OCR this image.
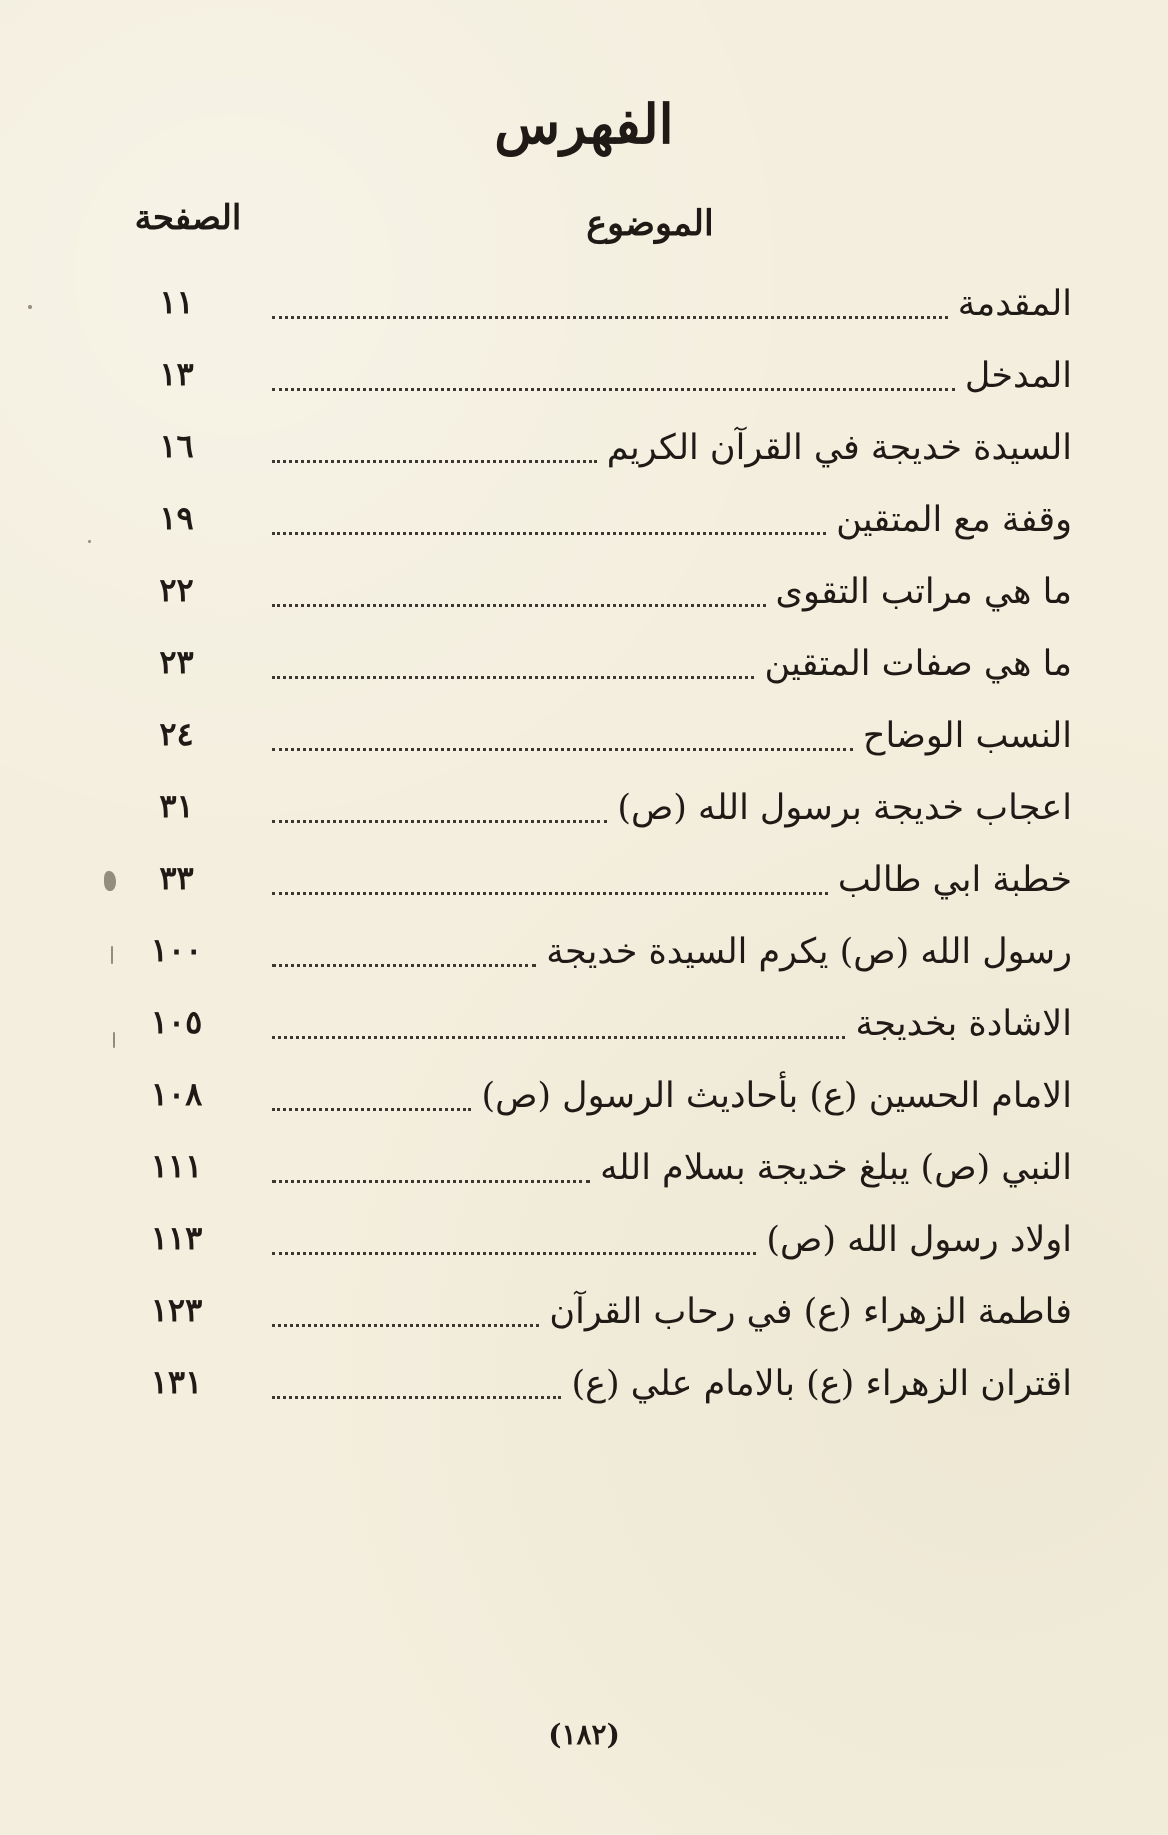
الفهرس
الصفحة	الموضوع
١١	المقدمة
١٣	المدخل
١٦	السيدة خديجة في القرآن الكريم
١٩	وقفة مع المتقين
٢٢	ما هي مراتب التقوى
٢٣	ما هي صفات المتقين
٢٤	النسب الوضاح
٣١	اعجاب خديجة برسول الله (ص)
٣٣	خطبة ابي طالب
١٠٠	رسول الله (ص) يكرم السيدة خديجة
١٠٥	الاشادة بخديجة
١٠٨	الامام الحسين (ع) بأحاديث الرسول (ص)
١١١	النبي (ص) يبلغ خديجة بسلام الله
١١٣	اولاد رسول الله (ص)
١٢٣	فاطمة الزهراء (ع) في رحاب القرآن
١٣١	اقتران الزهراء (ع) بالامام علي (ع)
(١٨٢)
